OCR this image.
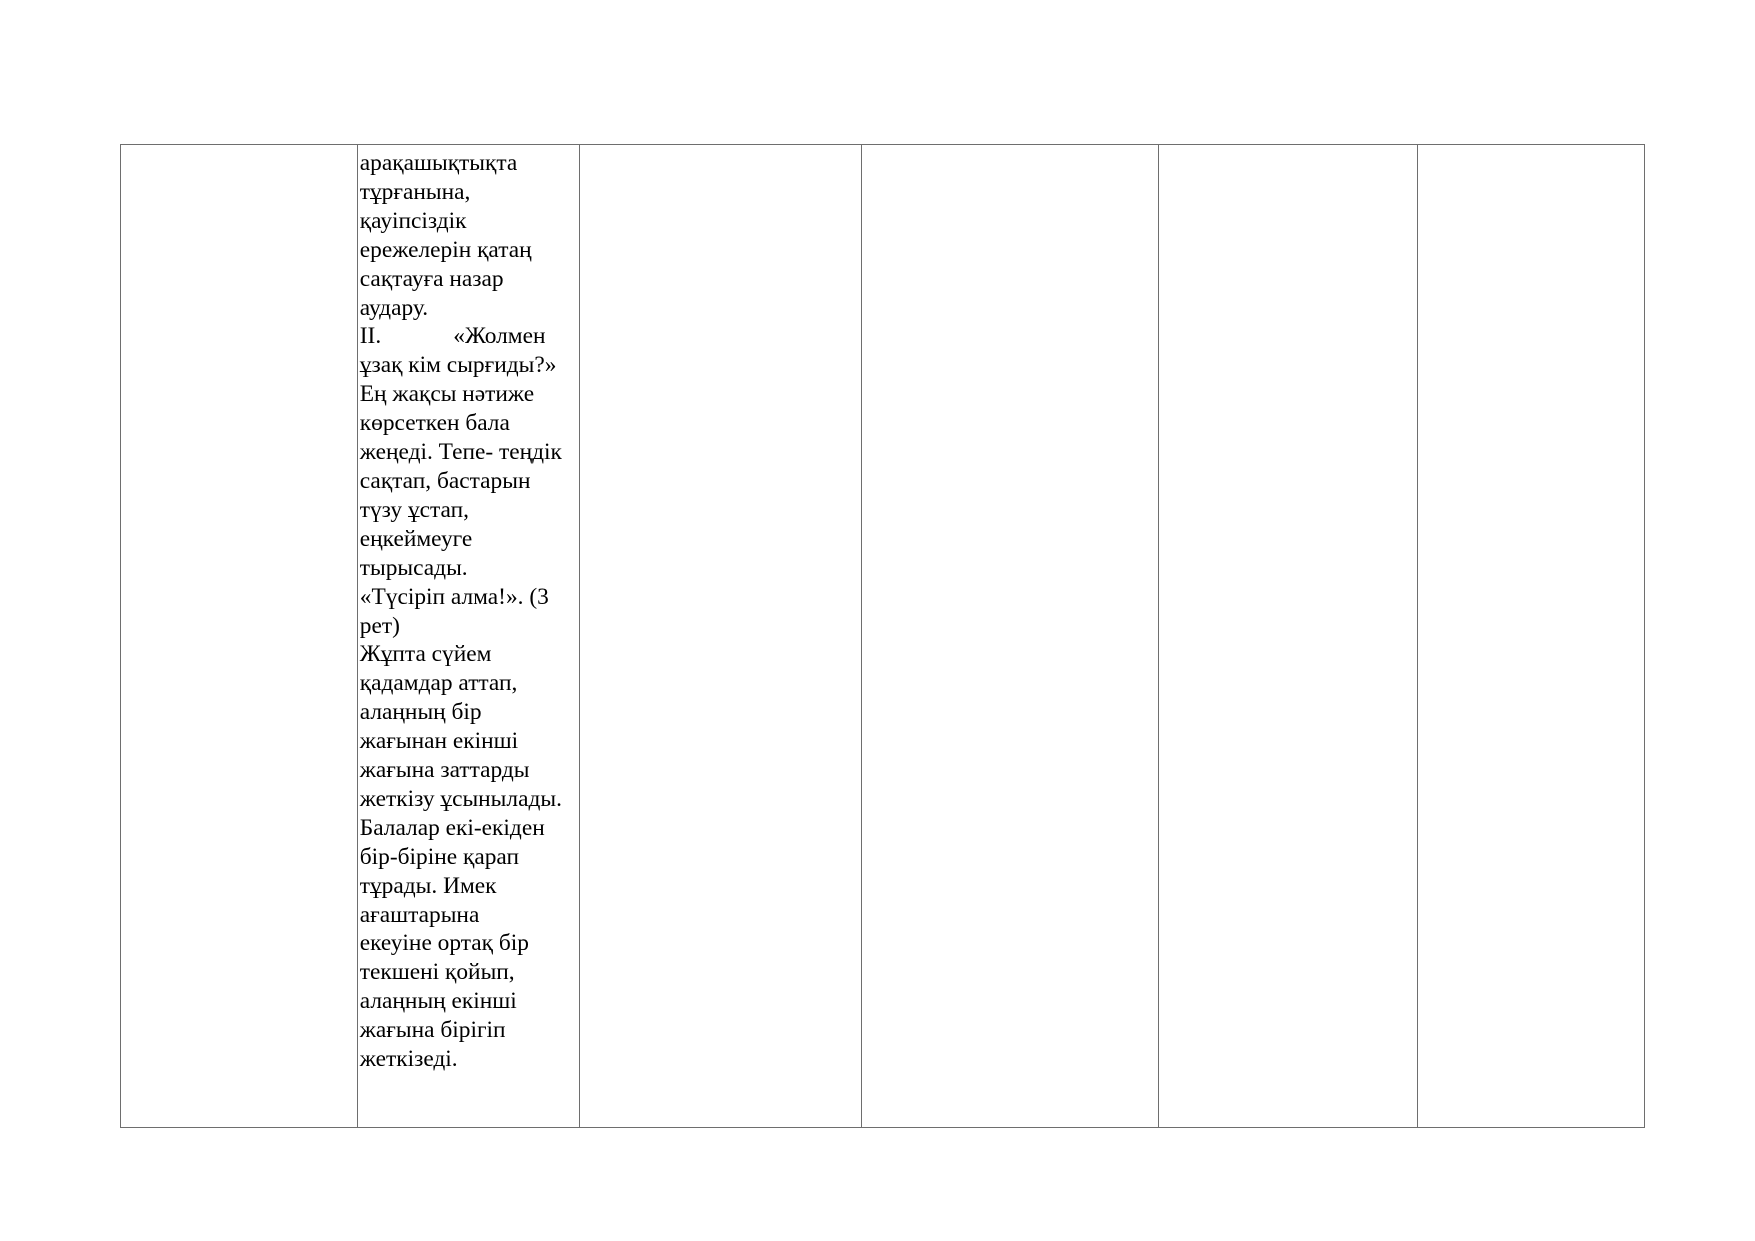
арақашықтықта
тұрғанына,
қауіпсіздік
ережелерін қатаң
сақтауға назар
аудару.
ІІ.	«Жолмен
ұзақ кім сырғиды?»
Ең жақсы нәтиже
көрсеткен бала
жеңеді. Тепе- теңдік
сақтап, бастарын
түзу ұстап,
еңкеймеуге
тырысады.
«Түсіріп алма!». (3
рет)
Жұпта сүйем
қадамдар аттап,
алаңның бір
жағынан екінші
жағына заттарды
жеткізу ұсынылады.
Балалар екі-екіден
бір-біріне қарап
тұрады. Имек
ағаштарына
екеуіне ортақ бір
текшені қойып,
алаңның екінші
жағына бірігіп
жеткізеді.
